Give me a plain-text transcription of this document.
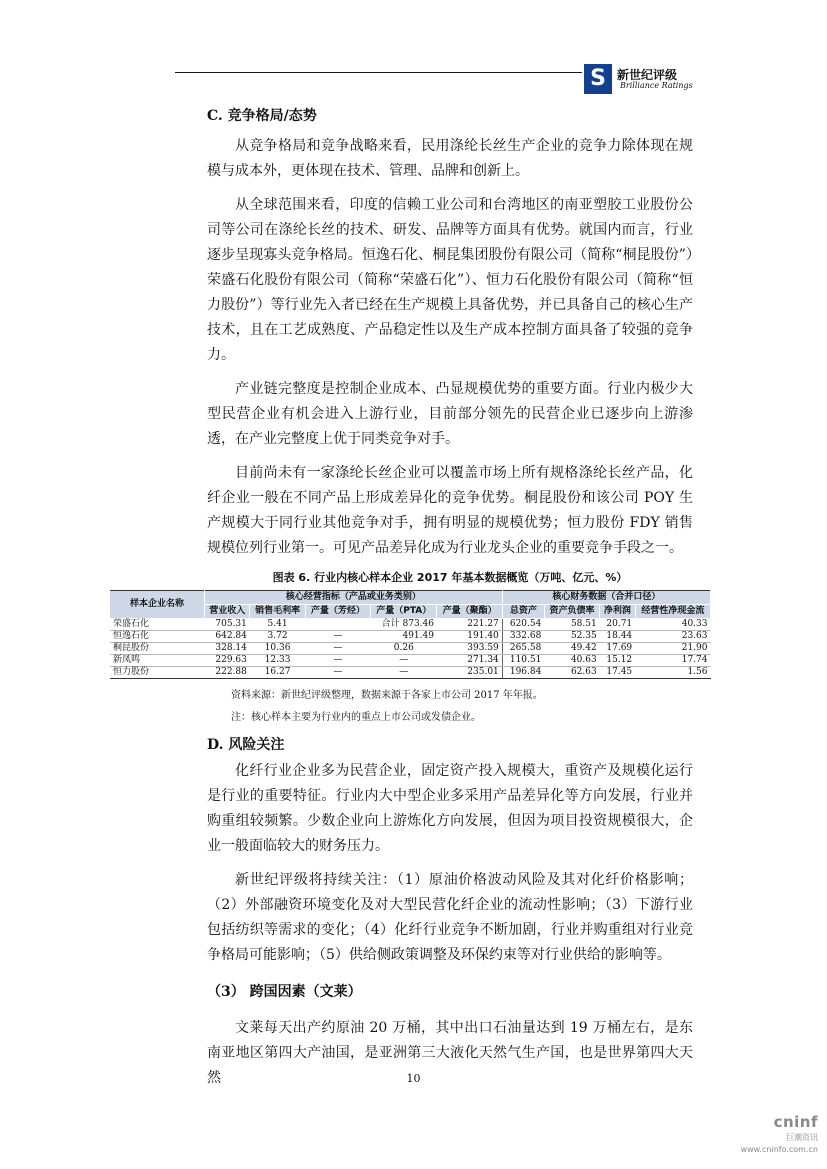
S 新世纪评级
Brilliance Ratings
C. 竞争格局/态势

从竞争格局和竞争战略来看，民用涤纶长丝生产企业的竞争力除体现在规模与成本外，更体现在技术、管理、品牌和创新上。

从全球范围来看，印度的信赖工业公司和台湾地区的南亚塑胶工业股份公司等公司在涤纶长丝的技术、研发、品牌等方面具有优势。就国内而言，行业逐步呈现寡头竞争格局。恒逸石化、桐昆集团股份有限公司（简称“桐昆股份”）荣盛石化股份有限公司（简称“荣盛石化”）、恒力石化股份有限公司（简称“恒力股份”）等行业先入者已经在生产规模上具备优势，并已具备自己的核心生产技术，且在工艺成熟度、产品稳定性以及生产成本控制方面具备了较强的竞争力。

产业链完整度是控制企业成本、凸显规模优势的重要方面。行业内极少大型民营企业有机会进入上游行业，目前部分领先的民营企业已逐步向上游渗透，在产业完整度上优于同类竞争对手。

目前尚未有一家涤纶长丝企业可以覆盖市场上所有规格涤纶长丝产品，化纤企业一般在不同产品上形成差异化的竞争优势。桐昆股份和该公司 POY 生产规模大于同行业其他竞争对手，拥有明显的规模优势；恒力股份 FDY 销售规模位列行业第一。可见产品差异化成为行业龙头企业的重要竞争手段之一。

图表 6. 行业内核心样本企业 2017 年基本数据概览（万吨、亿元、%）
样本企业名称	核心经营指标（产品或业务类别）					核心财务数据（合并口径）			
	营业收入	销售毛利率	产量（芳烃）	产量（PTA）	产量（聚酯）	总资产	资产负债率	净利润	经营性净现金流
荣盛石化	705.31	5.41		合计 873.46	221.27	620.54	58.51	20.71	40.33
恒逸石化	642.84	3.72	—	491.49	191.40	332.68	52.35	18.44	23.63
桐昆股份	328.14	10.36	—	0.26	393.59	265.58	49.42	17.69	21.90
新凤鸣	229.63	12.33	—	—	271.34	110.51	40.63	15.12	17.74
恒力股份	222.88	16.27	—	—	235.01	196.84	62.63	17.45	1.56
资料来源：新世纪评级整理，数据来源于各家上市公司 2017 年年报。
注：核心样本主要为行业内的重点上市公司或发债企业。
D. 风险关注

化纤行业企业多为民营企业，固定资产投入规模大，重资产及规模化运行是行业的重要特征。行业内大中型企业多采用产品差异化等方向发展，行业并购重组较频繁。少数企业向上游炼化方向发展，但因为项目投资规模很大，企业一般面临较大的财务压力。

新世纪评级将持续关注：（1）原油价格波动风险及其对化纤价格影响；（2）外部融资环境变化及对大型民营化纤企业的流动性影响；（3）下游行业包括纺织等需求的变化；（4）化纤行业竞争不断加剧，行业并购重组对行业竞争格局可能影响；（5）供给侧政策调整及环保约束等对行业供给的影响等。

（3） 跨国因素（文莱）

文莱每天出产约原油 20 万桶，其中出口石油量达到 19 万桶左右，是东南亚地区第四大产油国，是亚洲第三大液化天然气生产国，也是世界第四大天然	10
cninf
巨潮资讯
www.cninfo.com.cn
